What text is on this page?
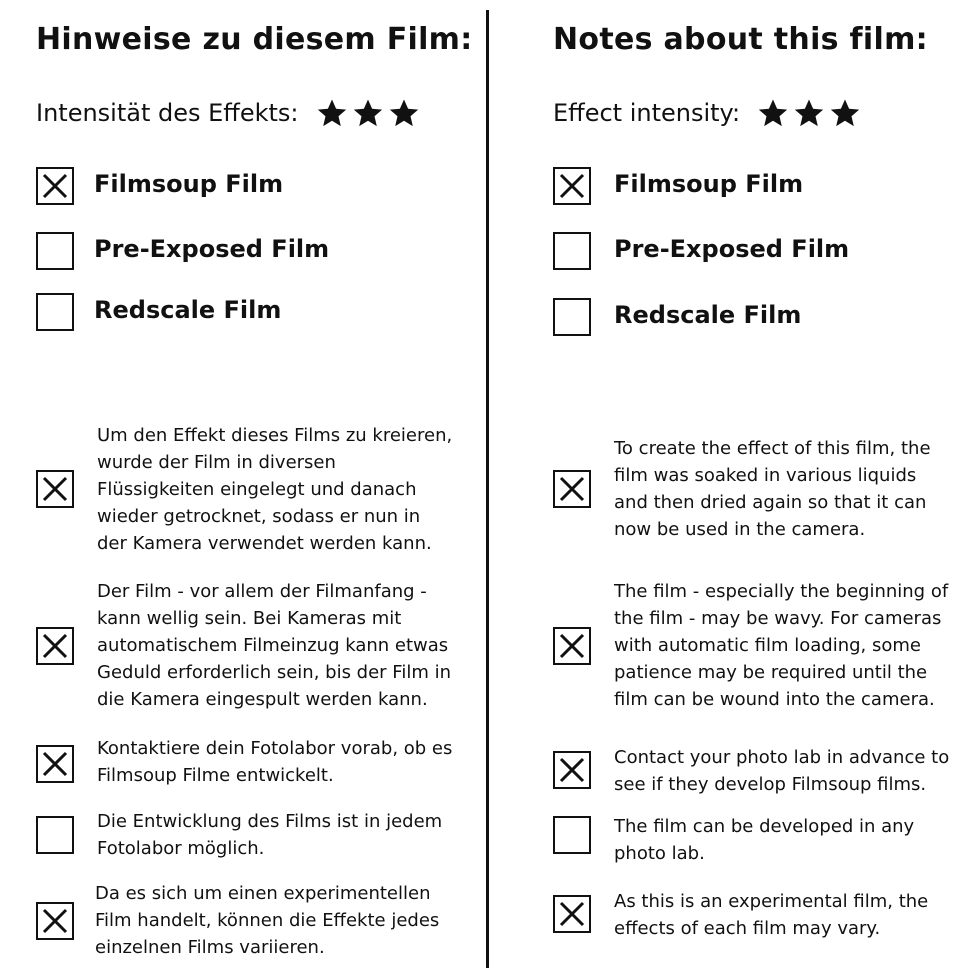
Hinweise zu diesem Film:
Intensität des Effekts:
Filmsoup Film
Pre-Exposed Film
Redscale Film
Um den Effekt dieses Films zu kreieren,
wurde der Film in diversen
Flüssigkeiten eingelegt und danach
wieder getrocknet, sodass er nun in
der Kamera verwendet werden kann.
Der Film - vor allem der Filmanfang -
kann wellig sein. Bei Kameras mit
automatischem Filmeinzug kann etwas
Geduld erforderlich sein, bis der Film in
die Kamera eingespult werden kann.
Kontaktiere dein Fotolabor vorab, ob es
Filmsoup Filme entwickelt.
Die Entwicklung des Films ist in jedem
Fotolabor möglich.
Da es sich um einen experimentellen
Film handelt, können die Effekte jedes
einzelnen Films variieren.
Notes about this film:
Effect intensity:
Filmsoup Film
Pre-Exposed Film
Redscale Film
To create the effect of this film, the
film was soaked in various liquids
and then dried again so that it can
now be used in the camera.
The film - especially the beginning of
the film - may be wavy. For cameras
with automatic film loading, some
patience may be required until the
film can be wound into the camera.
Contact your photo lab in advance to
see if they develop Filmsoup films.
The film can be developed in any
photo lab.
As this is an experimental film, the
effects of each film may vary.
